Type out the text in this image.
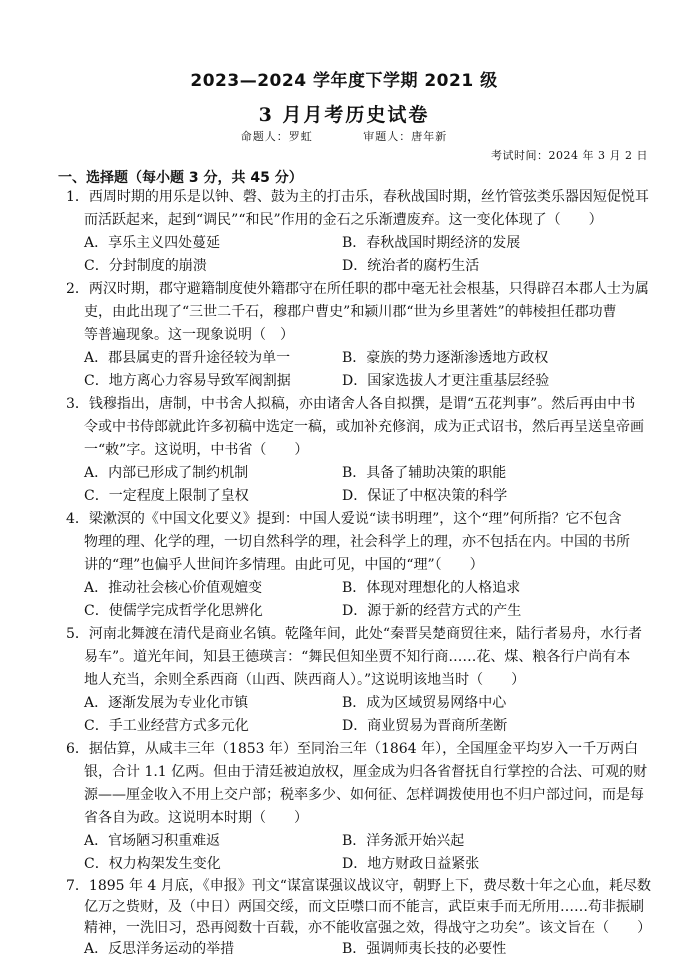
2023—2024 学年度下学期 2021 级
3 月月考历史试卷
命题人：罗虹	审题人：唐年新
考试时间：2024 年 3 月 2 日
一、选择题（每小题 3 分，共 45 分）
1．西周时期的用乐是以钟、磬、鼓为主的打击乐，春秋战国时期，丝竹管弦类乐器因短促悦耳
而活跃起来，起到“调民”“和民”作用的金石之乐渐遭废弃。这一变化体现了（　　）
A．享乐主义四处蔓延	B．春秋战国时期经济的发展
C．分封制度的崩溃	D．统治者的腐朽生活
2．两汉时期，郡守避籍制度使外籍郡守在所任职的郡中毫无社会根基，只得辟召本郡人士为属
吏，由此出现了“三世二千石，穆郡户曹史”和颍川郡“世为乡里著姓”的韩棱担任郡功曹
等普遍现象。这一现象说明（　）
A．郡县属吏的晋升途径较为单一	B．豪族的势力逐渐渗透地方政权
C．地方离心力容易导致军阀割据	D．国家选拔人才更注重基层经验
3．钱穆指出，唐制，中书舍人拟稿，亦由诸舍人各自拟撰，是谓“五花判事”。然后再由中书
令或中书侍郎就此许多初稿中选定一稿，或加补充修润，成为正式诏书，然后再呈送皇帝画
一“敕”字。这说明，中书省（　　）
A．内部已形成了制约机制	B．具备了辅助决策的职能
C．一定程度上限制了皇权	D．保证了中枢决策的科学
4．梁漱溟的《中国文化要义》提到：中国人爱说“读书明理”，这个“理”何所指？它不包含
物理的理、化学的理，一切自然科学的理，社会科学上的理，亦不包括在内。中国的书所
讲的“理”也偏乎人世间许多情理。由此可见，中国的“理”（　　）
A．推动社会核心价值观嬗变	B．体现对理想化的人格追求
C．使儒学完成哲学化思辨化	D．源于新的经营方式的产生
5．河南北舞渡在清代是商业名镇。乾隆年间，此处“秦晋吴楚商贸往来，陆行者易舟，水行者
易车”。道光年间，知县王德瑛言：“舞民但知坐贾不知行商……花、煤、粮各行户尚有本
地人充当，余则全系西商（山西、陕西商人）。”这说明该地当时（　　）
A．逐渐发展为专业化市镇	B．成为区域贸易网络中心
C．手工业经营方式多元化	D．商业贸易为晋商所垄断
6．据估算，从咸丰三年（1853 年）至同治三年（1864 年），全国厘金平均岁入一千万两白
银，合计 1.1 亿两。但由于清廷被迫放权，厘金成为归各省督抚自行掌控的合法、可观的财
源——厘金收入不用上交户部；税率多少、如何征、怎样调拨使用也不归户部过问，而是每
省各自为政。这说明本时期（　　）
A．官场陋习积重难返	B．洋务派开始兴起
C．权力构架发生变化	D．地方财政日益紧张
7．1895 年 4 月底，《申报》刊文“谋富谋强议战议守，朝野上下，费尽数十年之心血，耗尽数
亿万之赀财，及（中日）两国交绥，而文臣噤口而不能言，武臣束手而无所用……苟非振刷
精神，一洗旧习，恐再阅数十百载，亦不能收富强之效，得战守之功矣”。该文旨在（　　）
A．反思洋务运动的举措	B．强调师夷长技的必要性
